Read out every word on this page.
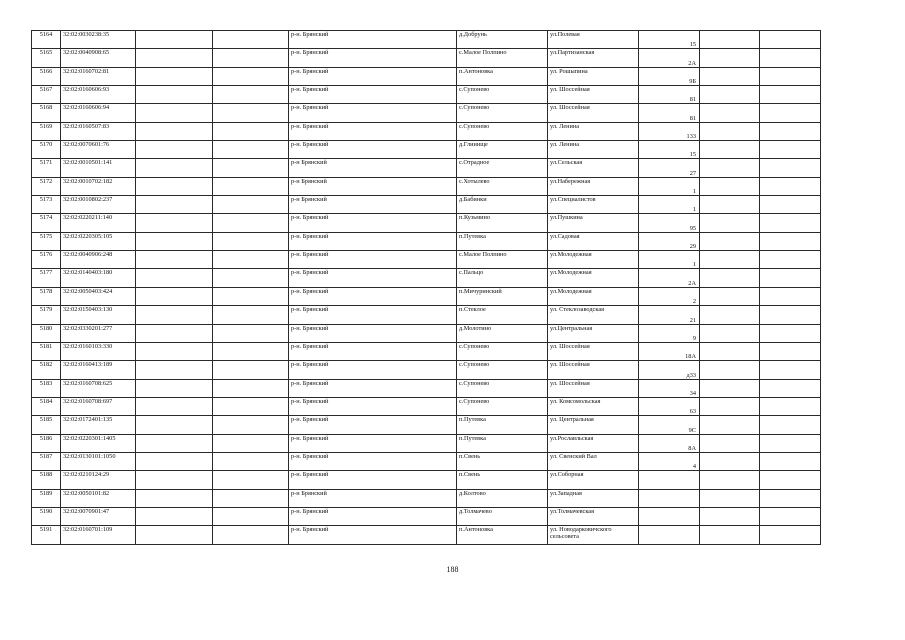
5164	32:02:0030238:35			р-н. Брянский	д.Добрунь	ул.Полевая	15		
5165	32:02:0040908:65			р-н. Брянский	с.Малое Полпино	ул.Партизанская	2А		
5166	32:02:0160702:81			р-н. Брянский	п.Антоновка	ул. Рошыпина	9Б		
5167	32:02:0160606:93			р-н. Брянский	с.Супонево	ул. Шоссейная	81		
5168	32:02:0160606:94			р-н. Брянский	с.Супонево	ул. Шоссейная	81		
5169	32:02:0160507:83			р-н. Брянский	с.Супонево	ул. Ленина	133		
5170	32:02:0070601:76			р-н. Брянский	д.Глинище	ул. Ленина	15		
5171	32:02:0010501:141			р-н Брянский	с.Отрадное	ул.Сельская	27		
5172	32:02:0010702:182			р-н Брянский	с.Хотылево	ул.Набережная	1		
5173	32:02:0010802:237			р-н Брянский	д.Бабинки	ул.Специалистов	1		
5174	32:02:0220211:140			р-н. Брянский	п.Кузьмино	ул.Пушкина	95		
5175	32:02:0220305:105			р-н. Брянский	п.Путевка	ул.Садовая	29		
5176	32:02:0040906:248			р-н. Брянский	с.Малое Полпино	ул.Молодежная	1		
5177	32:02:0140403:180			р-н. Брянский	с.Пальцо	ул.Молодежная	2А		
5178	32:02:0050403:424			р-н. Брянский	п.Мичуринский	ул.Молодежная	2		
5179	32:02:0150403:130			р-н. Брянский	п.Стеклое	ул. Стеклозаводская	21		
5180	32:02:0330201:277			р-н. Брянский	д.Молотино	ул.Центральная	9		
5181	32:02:0160103:330			р-н. Брянский	с.Супонево	ул. Шоссейная	18А		
5182	32:02:0160413:189			р-н. Брянский	с.Супонево	ул. Шоссейная	д33		
5183	32:02:0160708:625			р-н. Брянский	с.Супонево	ул. Шоссейная	34		
5184	32:02:0160708:697			р-н. Брянский	с.Супонево	ул. Комсомольская	63		
5185	32:02:0172401:135			р-н. Брянский	п.Путевка	ул. Центральная	9С		
5186	32:02:0220301:1405			р-н. Брянский	п.Путевка	ул.Рославльская	8А		
5187	32:02:0130101:1050			р-н. Брянский	п.Свень	ул. Свенский Вал	4		
5188	32:02:0210124:29			р-н. Брянский	п.Свень	ул.Соборная			
5189	32:02:0050101:82			р-н Брянский	д.Колтово	ул.Западная			
5190	32:02:0070901:47			р-н. Брянский	д.Толмачево	ул.Толмачевская			
5191	32:02:0160701:109			р-н. Брянский	п.Антоновка	ул. Новодарковичского сельсовета			
188
